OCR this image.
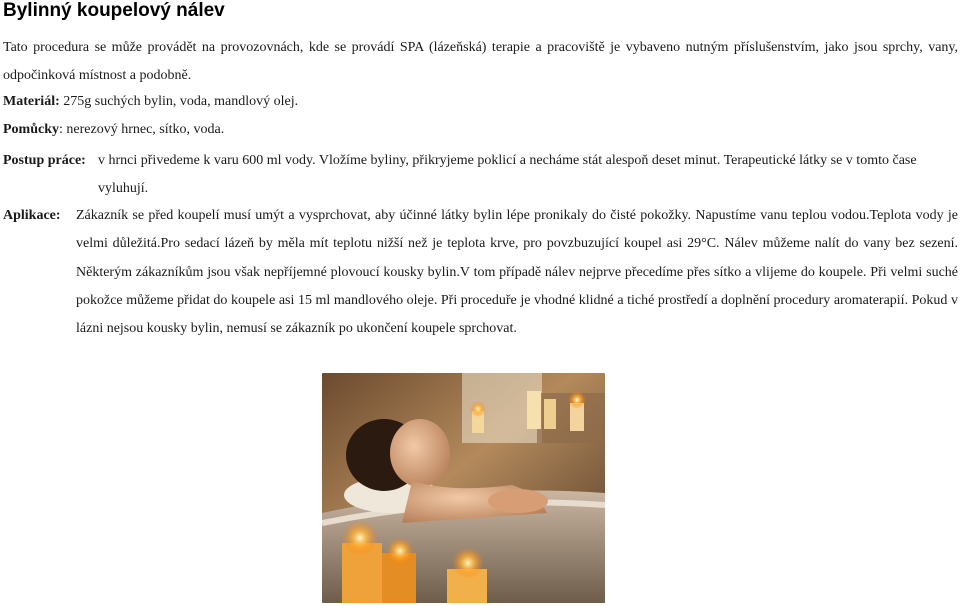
Bylinný koupelový nálev
Tato procedura se může provádět na provozovnách, kde se provádí SPA (lázeňská) terapie a pracoviště je vybaveno nutným příslušenstvím, jako jsou sprchy, vany, odpočinková místnost a podobně.
Materiál: 275g suchých bylin, voda, mandlový olej.
Pomůcky: nerezový hrnec, sítko, voda.
Postup práce: v hrnci přivedeme k varu 600 ml vody. Vložíme byliny, přikryjeme poklicí a necháme stát alespoň deset minut. Terapeutické látky se v tomto čase vyluhují.
Aplikace: Zákazník se před koupelí musí umýt a vysprchovat, aby účinné látky bylin lépe pronikaly do čisté pokožky. Napustíme vanu teplou vodou.Teplota vody je velmi důležitá.Pro sedací lázeň by měla mít teplotu nižší než je teplota krve, pro povzbuzující koupel asi 29°C. Nálev můžeme nalít do vany bez sezení. Některým zákazníkům jsou však nepříjemné plovoucí kousky bylin.V tom případě nálev nejprve přecedíme přes sítko a vlijeme do koupele. Při velmi suché pokožce můžeme přidat do koupele asi 15 ml mandlového oleje. Při proceduře je vhodné klidné a tiché prostředí a doplnění procedury aromaterapií. Pokud v lázni nejsou kousky bylin, nemusí se zákazník po ukončení koupele sprchovat.
